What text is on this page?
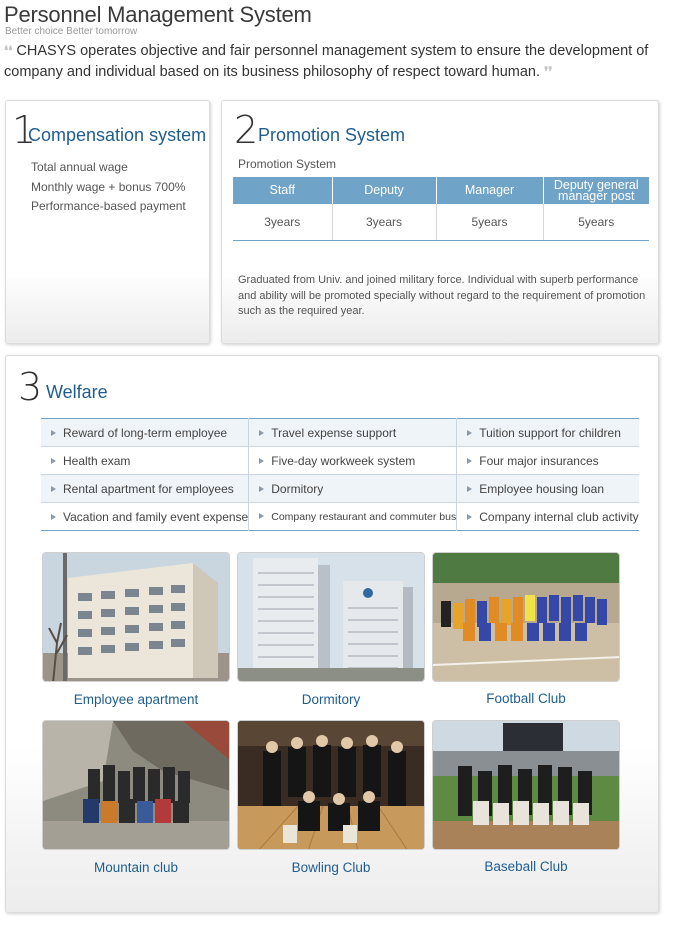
Personnel Management System
Better choice Better tomorrow
❛❛ CHASYS operates objective and fair personnel management system to ensure the development of company and individual based on its business philosophy of respect toward human. ❜❜
1
Compensation system
Total annual wage
Monthly wage + bonus 700%
Performance-based payment
2 Promotion System
Promotion System
Staff	Deputy	Manager	Deputy general manager post
3years	3years	5years	5years
Graduated from Univ. and joined military force. Individual with superb performance and ability will be promoted specially without regard to the requirement of promotion such as the required year.
3 Welfare
Reward of long-term employee	Travel expense support	Tuition support for children
Health exam	Five-day workweek system	Four major insurances
Rental apartment for employees	Dormitory	Employee housing loan
Vacation and family event expense	Company restaurant and commuter bus	Company internal club activity
Employee apartment	Dormitory	Football Club
Mountain club	Bowling Club	Baseball Club
